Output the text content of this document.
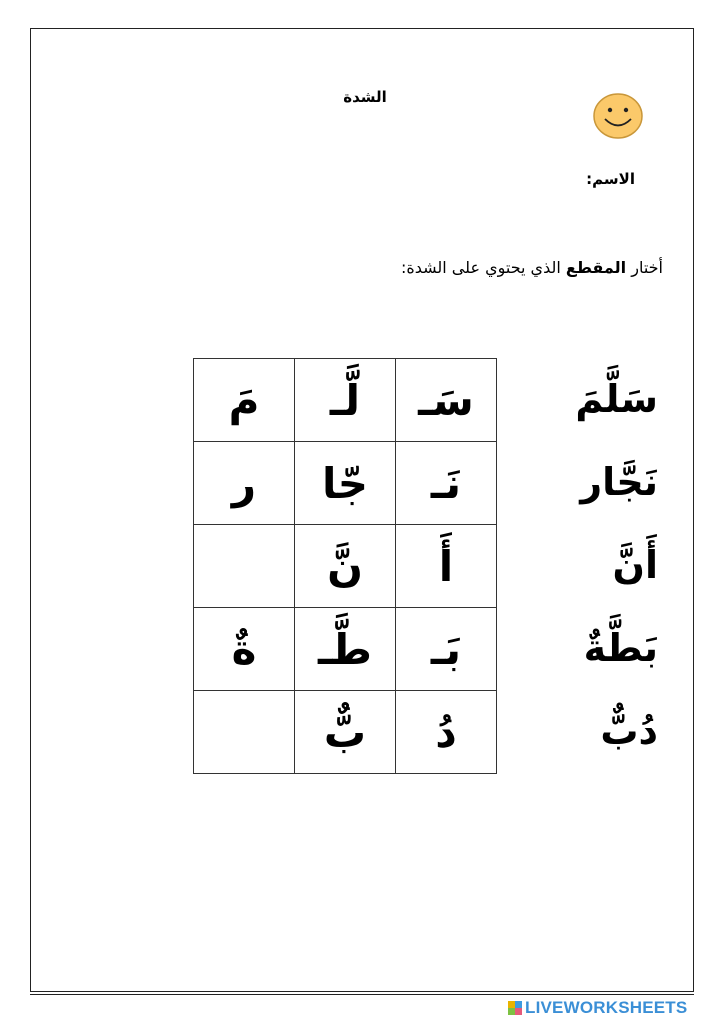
الشدة
الاسم:
أختار المقطع الذي يحتوي على الشدة:
سَلَّمَ
نَجَّار
أَنَّ
بَطَّةٌ
دُبٌّ
مَ	لَّـ	سَـ
ر	جّا	نَـ
	نَّ	أَ
ةٌ	طَّـ	بَـ
	بٌّ	دُ
LIVEWORKSHEETS
